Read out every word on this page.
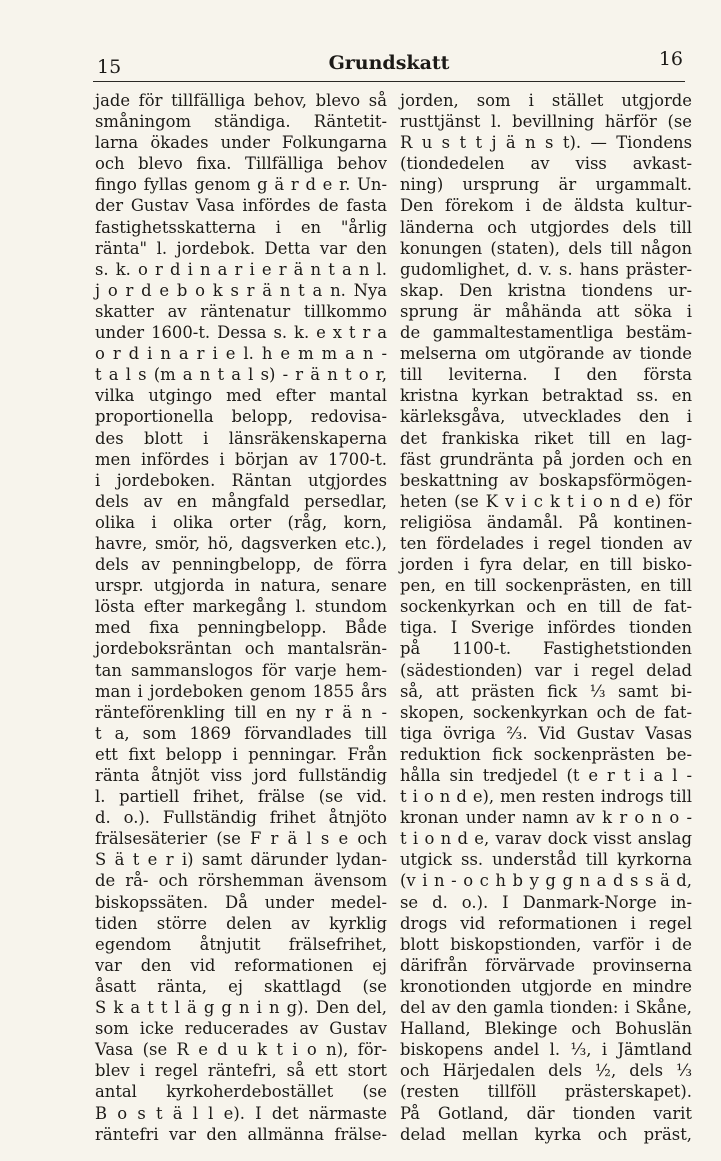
15	Grundskatt	16
jade för tillfälliga behov, blevo så
småningom ständiga. Räntetit-
larna ökades under Folkungarna
och blevo fixa. Tillfälliga behov
fingo fyllas genom g ä r d e r. Un-
der Gustav Vasa infördes de fasta
fastighetsskatterna i en "årlig
ränta" l. jordebok. Detta var den
s. k. o r d i n a r i e r ä n t a n l.
j o r d e b o k s r ä n t a n. Nya
skatter av räntenatur tillkommo
under 1600-t. Dessa s. k. e x t r a
o r d i n a r i e l. h e m m a n -
t a l s (m a n t a l s) - r ä n t o r,
vilka utgingo med efter mantal
proportionella belopp, redovisa-
des blott i länsräkenskaperna
men infördes i början av 1700-t.
i jordeboken. Räntan utgjordes
dels av en mångfald persedlar,
olika i olika orter (råg, korn,
havre, smör, hö, dagsverken etc.),
dels av penningbelopp, de förra
urspr. utgjorda in natura, senare
lösta efter markegång l. stundom
med fixa penningbelopp. Både
jordeboksräntan och mantalsrän-
tan sammanslogos för varje hem-
man i jordeboken genom 1855 års
ränteförenkling till en ny r ä n -
t a, som 1869 förvandlades till
ett fixt belopp i penningar. Från
ränta åtnjöt viss jord fullständig
l. partiell frihet, frälse (se vid.
d. o.). Fullständig frihet åtnjöto
frälsesäterier (se F r ä l s e och
S ä t e r i) samt därunder lydan-
de rå- och rörshemman ävensom
biskopssäten. Då under medel-
tiden större delen av kyrklig
egendom åtnjutit frälsefrihet,
var den vid reformationen ej
åsatt ränta, ej skattlagd (se
S k a t t l ä g g n i n g). Den del,
som icke reducerades av Gustav
Vasa (se R e d u k t i o n), för-
blev i regel räntefri, så ett stort
antal kyrkoherdebostället (se
B o s t ä l l e). I det närmaste
räntefri var den allmänna frälse-
jorden, som i stället utgjorde
rusttjänst l. bevillning härför (se
R u s t t j ä n s t). — Tiondens
(tiondedelen av viss avkast-
ning) ursprung är urgammalt.
Den förekom i de äldsta kultur-
länderna och utgjordes dels till
konungen (staten), dels till någon
gudomlighet, d. v. s. hans präster-
skap. Den kristna tiondens ur-
sprung är måhända att söka i
de gammaltestamentliga bestäm-
melserna om utgörande av tionde
till leviterna. I den första
kristna kyrkan betraktad ss. en
kärleksgåva, utvecklades den i
det frankiska riket till en lag-
fäst grundränta på jorden och en
beskattning av boskapsförmögen-
heten (se K v i c k t i o n d e) för
religiösa ändamål. På kontinen-
ten fördelades i regel tionden av
jorden i fyra delar, en till bisko-
pen, en till sockenprästen, en till
sockenkyrkan och en till de fat-
tiga. I Sverige infördes tionden
på 1100-t. Fastighetstionden
(sädestionden) var i regel delad
så, att prästen fick ⅓ samt bi-
skopen, sockenkyrkan och de fat-
tiga övriga ⅔. Vid Gustav Vasas
reduktion fick sockenprästen be-
hålla sin tredjedel (t e r t i a l -
t i o n d e), men resten indrogs till
kronan under namn av k r o n o -
t i o n d e, varav dock visst anslag
utgick ss. underståd till kyrkorna
(v i n - o c h b y g g n a d s s ä d,
se d. o.). I Danmark-Norge in-
drogs vid reformationen i regel
blott biskopstionden, varför i de
därifrån förvärvade provinserna
kronotionden utgjorde en mindre
del av den gamla tionden: i Skåne,
Halland, Blekinge och Bohuslän
biskopens andel l. ⅓, i Jämtland
och Härjedalen dels ½, dels ⅓
(resten tillföll prästerskapet).
På Gotland, där tionden varit
delad mellan kyrka och präst,
